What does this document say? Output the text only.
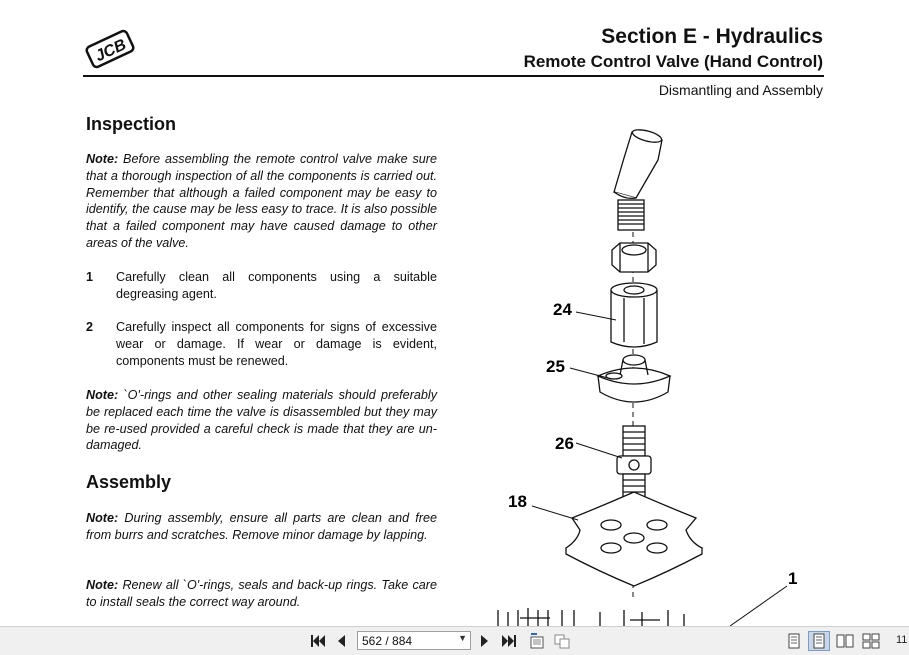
JCB	Section E - Hydraulics
Remote Control Valve (Hand Control)
Dismantling and Assembly
Inspection
Note: Before assembling the remote control valve make sure that a thorough inspection of all the components is carried out. Remember that although a failed component may be easy to identify, the cause may be less easy to trace. It is also possible that a failed component may have caused damage to other areas of the valve.
1 Carefully clean all components using a suitable degreasing agent.
2 Carefully inspect all components for signs of excessive wear or damage. If wear or damage is evident, components must be renewed.
Note: `O'-rings and other sealing materials should preferably be replaced each time the valve is disassembled but they may be re-used provided a careful check is made that they are un-damaged.
Assembly
Note: During assembly, ensure all parts are clean and free from burrs and scratches. Remove minor damage by lapping.
Note: Renew all `O'-rings, seals and back-up rings. Take care to install seals the correct way around.
24
25
26
18
1
562 / 884	▼	11
